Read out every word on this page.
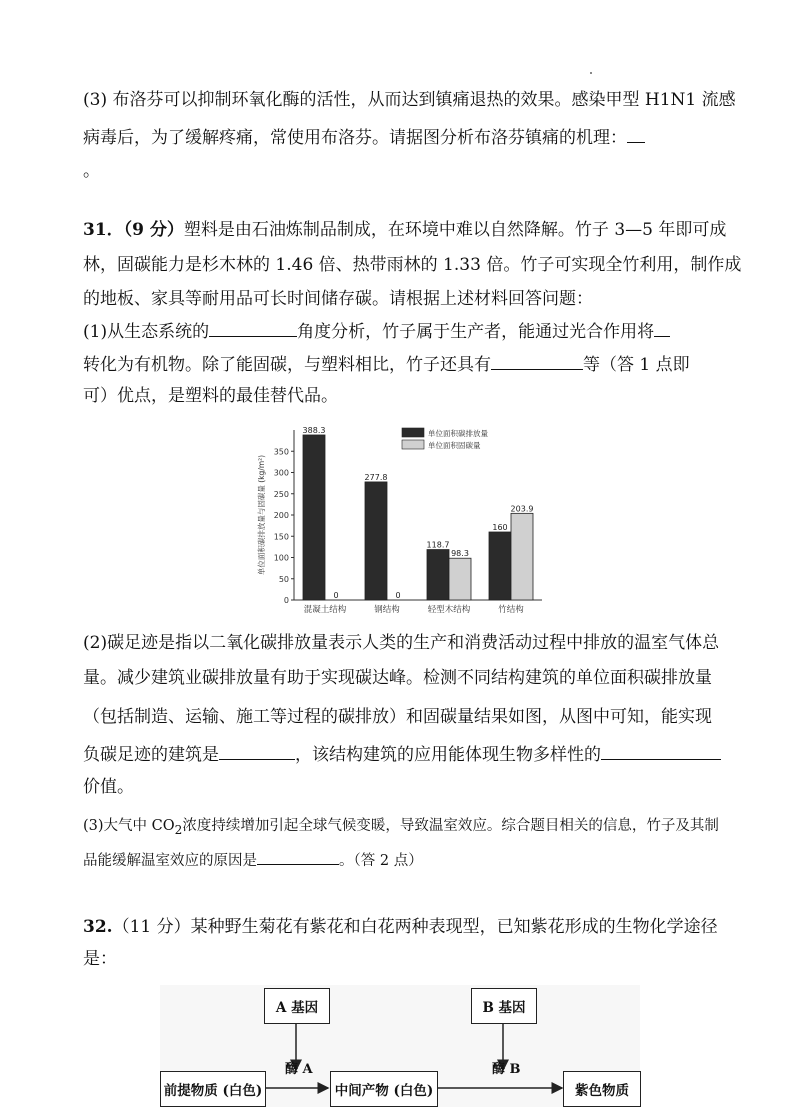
(3) 布洛芬可以抑制环氧化酶的活性，从而达到镇痛退热的效果。感染甲型 H1N1 流感
病毒后，为了缓解疼痛，常使用布洛芬。请据图分析布洛芬镇痛的机理：
。
31．（9 分）塑料是由石油炼制品制成，在环境中难以自然降解。竹子 3—5 年即可成
林，固碳能力是杉木林的 1.46 倍、热带雨林的 1.33 倍。竹子可实现全竹利用，制作成
的地板、家具等耐用品可长时间储存碳。请根据上述材料回答问题：
(1)从生态系统的	角度分析，竹子属于生产者，能通过光合作用将
转化为有机物。除了能固碳，与塑料相比，竹子还具有	等（答 1 点即
可）优点，是塑料的最佳替代品。
0
50
100
150
200
250
300
350
单位面积碳排放量与固碳量 (kg/m²)
388.3
0
混凝土结构
277.8
0
钢结构
118.7
98.3
轻型木结构
160
203.9
竹结构
单位面积碳排放量
单位面积固碳量
(2)碳足迹是指以二氧化碳排放量表示人类的生产和消费活动过程中排放的温室气体总
量。减少建筑业碳排放量有助于实现碳达峰。检测不同结构建筑的单位面积碳排放量
（包括制造、运输、施工等过程的碳排放）和固碳量结果如图，从图中可知，能实现
负碳足迹的建筑是	，该结构建筑的应用能体现生物多样性的
价值。
(3)大气中 $CO_2$浓度持续增加引起全球气候变暖，导致温室效应。综合题目相关的信息，竹子及其制
品能缓解温室效应的原因是	。（答 2 点）
32.（11 分）某种野生菊花有紫花和白花两种表现型，已知紫花形成的生物化学途径
是：
A 基因	B 基因
酶 A	酶 B
前提物质 (白色)	中间产物 (白色)	紫色物质
